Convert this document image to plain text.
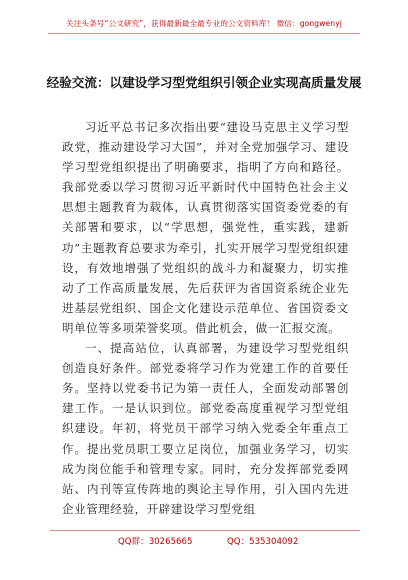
关注头条号“公文研究”，获得最新最全最专业的公文资料库！ 微信：gongwenyj
经验交流：以建设学习型党组织引领企业实现高质量发展

习近平总书记多次指出要“建设马克思主义学习型政党，推动建设学习大国”，并对全党加强学习、建设学习型党组织提出了明确要求，指明了方向和路径。我部党委以学习贯彻习近平新时代中国特色社会主义思想主题教育为载体，认真贯彻落实国资委党委的有关部署和要求，以“学思想，强党性，重实践，建新功”主题教育总要求为牵引，扎实开展学习型党组织建设，有效地增强了党组织的战斗力和凝聚力，切实推动了工作高质量发展，先后获评为省国资系统企业先进基层党组织、国企文化建设示范单位、省国资委文明单位等多项荣誉奖项。借此机会，做一汇报交流。

一、提高站位，认真部署，为建设学习型党组织创造良好条件。部党委将学习作为党建工作的首要任务。坚持以党委书记为第一责任人，全面发动部署创建工作。一是认识到位。部党委高度重视学习型党组织建设。年初，将党员干部学习纳入党委全年重点工作。提出党员职工要立足岗位，加强业务学习，切实成为岗位能手和管理专家。同时，充分发挥部党委网站、内刊等宣传阵地的舆论主导作用，引入国内先进企业管理经验，开辟建设学习型党组

QQ群：30265665	QQ：535304092
